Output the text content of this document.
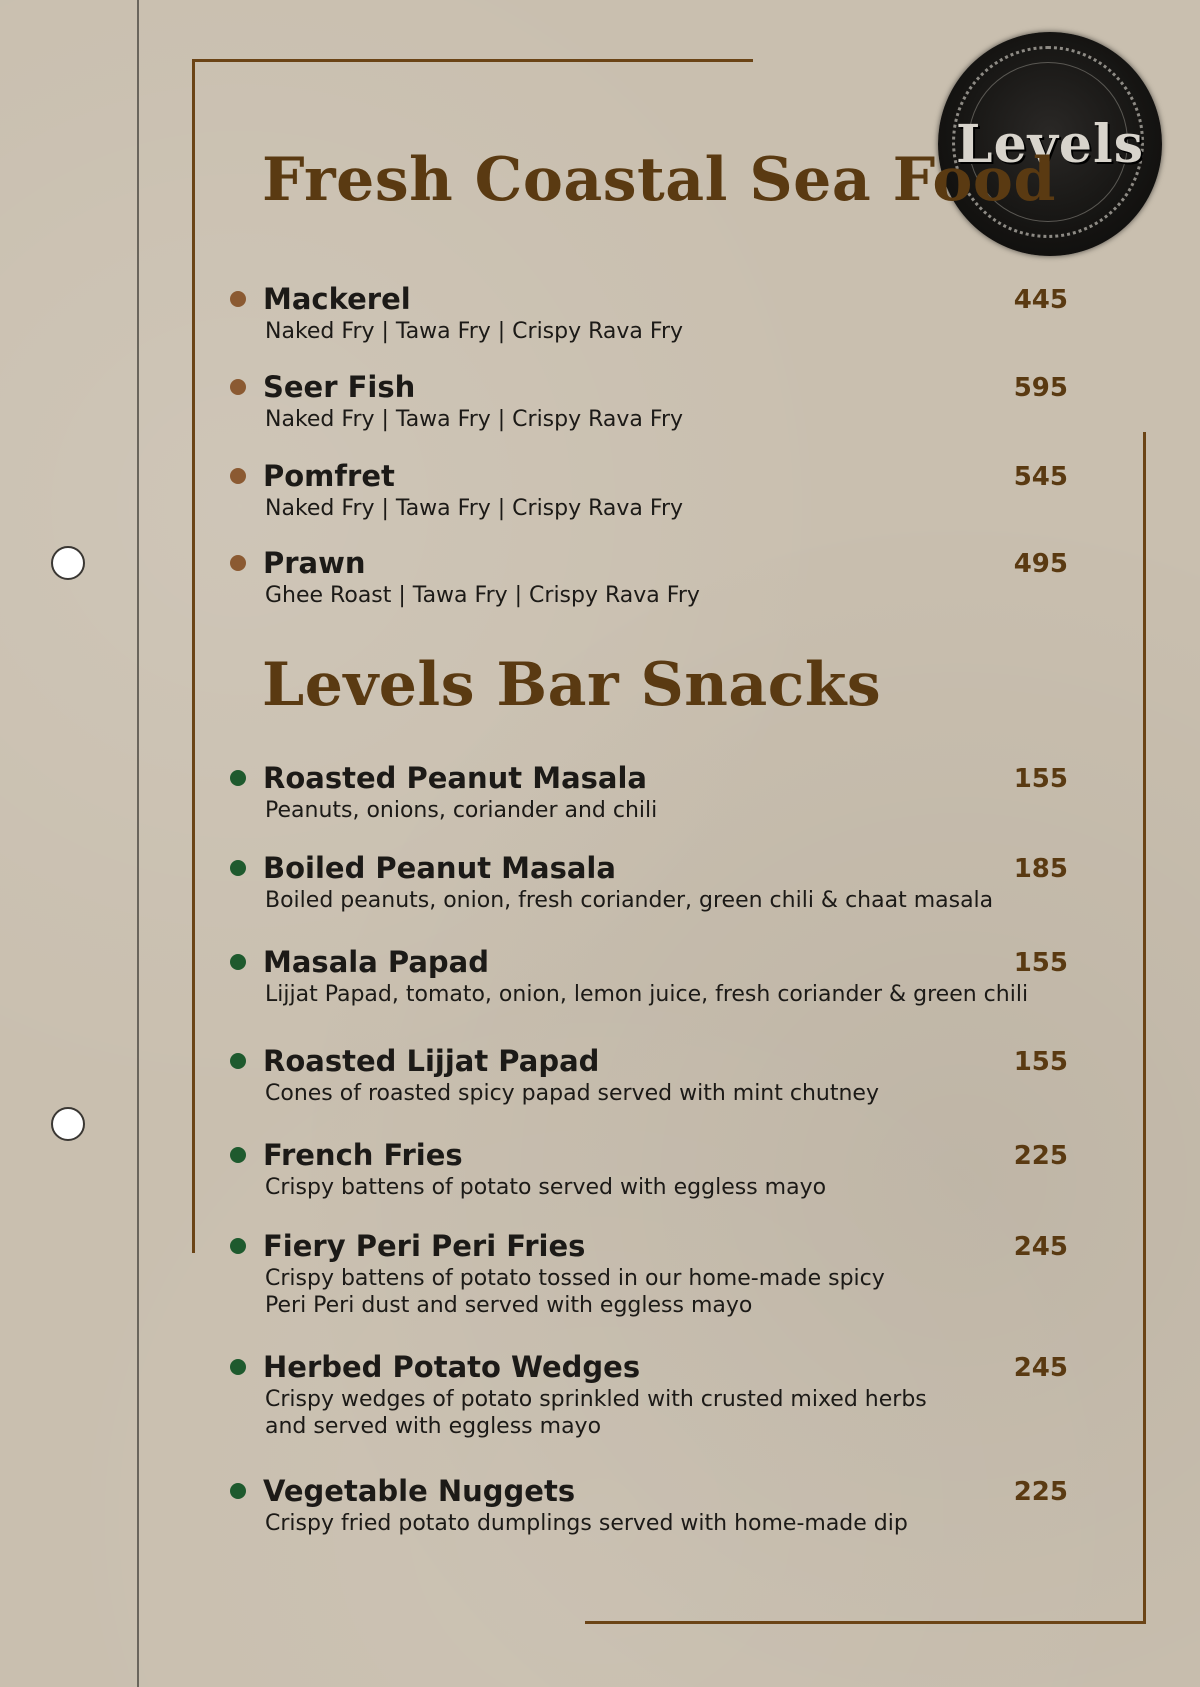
Levels
Fresh Coastal Sea Food
Mackerel
Naked Fry | Tawa Fry | Crispy Rava Fry
445
Seer Fish
Naked Fry | Tawa Fry | Crispy Rava Fry
595
Pomfret
Naked Fry | Tawa Fry | Crispy Rava Fry
545
Prawn
Ghee Roast | Tawa Fry | Crispy Rava Fry
495
Levels Bar Snacks
Roasted Peanut Masala
Peanuts, onions, coriander and chili
155
Boiled Peanut Masala
Boiled peanuts, onion, fresh coriander, green chili & chaat masala
185
Masala Papad
Lijjat Papad, tomato, onion, lemon juice, fresh coriander & green chili
155
Roasted Lijjat Papad
Cones of roasted spicy papad served with mint chutney
155
French Fries
Crispy battens of potato served with eggless mayo
225
Fiery Peri Peri Fries
Crispy battens of potato tossed in our home-made spicy
Peri Peri dust and served with eggless mayo
245
Herbed Potato Wedges
Crispy wedges of potato sprinkled with crusted mixed herbs
and served with eggless mayo
245
Vegetable Nuggets
Crispy fried potato dumplings served with home-made dip
225
